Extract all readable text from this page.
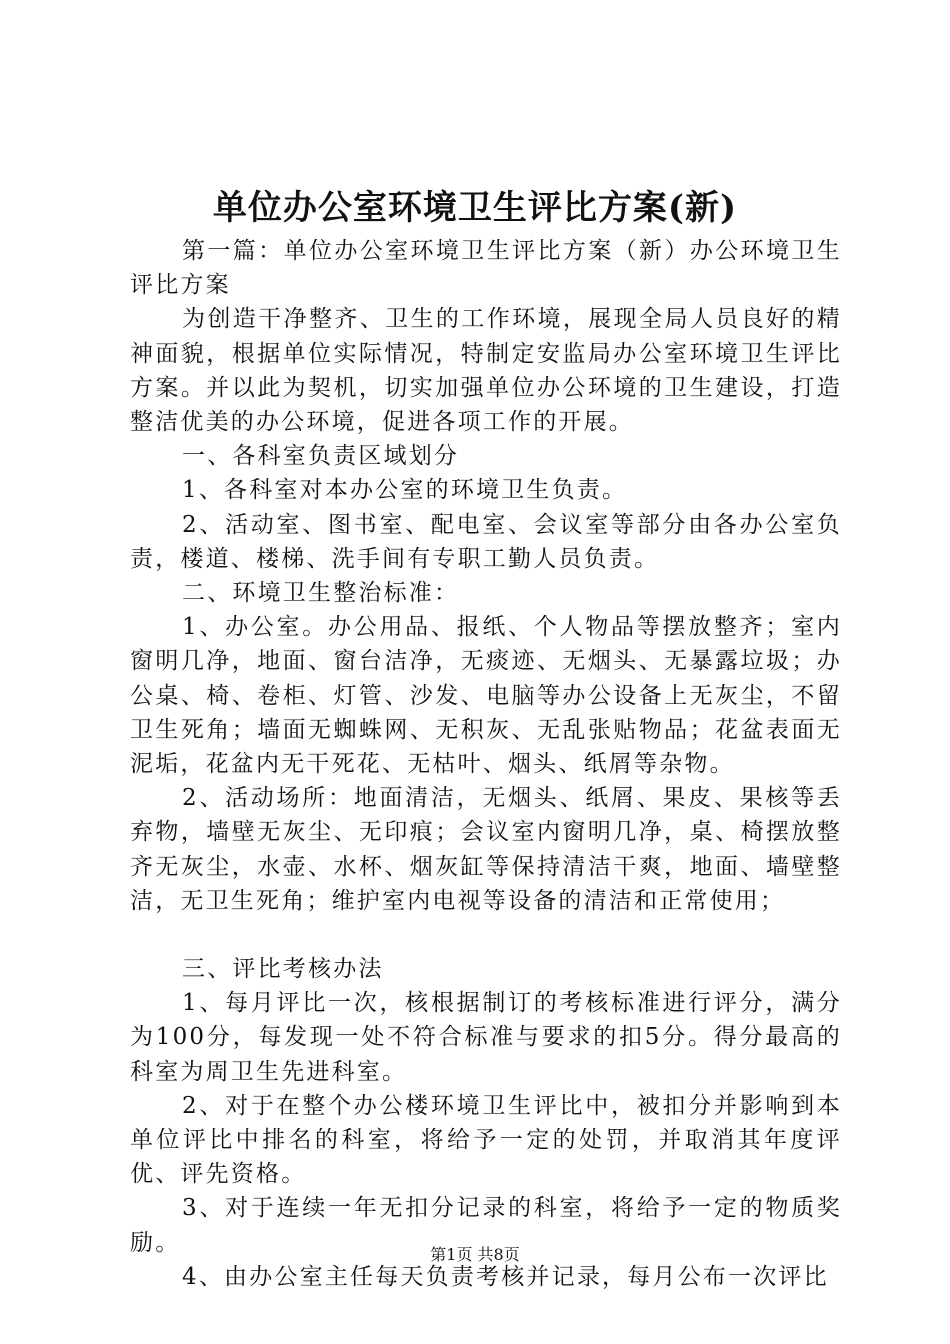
单位办公室环境卫生评比方案(新)

第一篇：单位办公室环境卫生评比方案（新）办公环境卫生评比方案

为创造干净整齐、卫生的工作环境，展现全局人员良好的精神面貌，根据单位实际情况，特制定安监局办公室环境卫生评比方案。并以此为契机，切实加强单位办公环境的卫生建设，打造整洁优美的办公环境，促进各项工作的开展。

一、各科室负责区域划分

1、各科室对本办公室的环境卫生负责。

2、活动室、图书室、配电室、会议室等部分由各办公室负责，楼道、楼梯、洗手间有专职工勤人员负责。

二、环境卫生整治标准：

1、办公室。办公用品、报纸、个人物品等摆放整齐；室内窗明几净，地面、窗台洁净，无痰迹、无烟头、无暴露垃圾；办公桌、椅、卷柜、灯管、沙发、电脑等办公设备上无灰尘，不留卫生死角；墙面无蜘蛛网、无积灰、无乱张贴物品；花盆表面无泥垢，花盆内无干死花、无枯叶、烟头、纸屑等杂物。

2、活动场所：地面清洁，无烟头、纸屑、果皮、果核等丢弃物，墙壁无灰尘、无印痕；会议室内窗明几净，桌、椅摆放整齐无灰尘，水壶、水杯、烟灰缸等保持清洁干爽，地面、墙壁整洁，无卫生死角；维护室内电视等设备的清洁和正常使用；

三、评比考核办法

1、每月评比一次，核根据制订的考核标准进行评分，满分为100分，每发现一处不符合标准与要求的扣5分。得分最高的科室为周卫生先进科室。

2、对于在整个办公楼环境卫生评比中，被扣分并影响到本单位评比中排名的科室，将给予一定的处罚，并取消其年度评优、评先资格。

3、对于连续一年无扣分记录的科室，将给予一定的物质奖励。

4、由办公室主任每天负责考核并记录，每月公布一次评比

第1页 共8页
